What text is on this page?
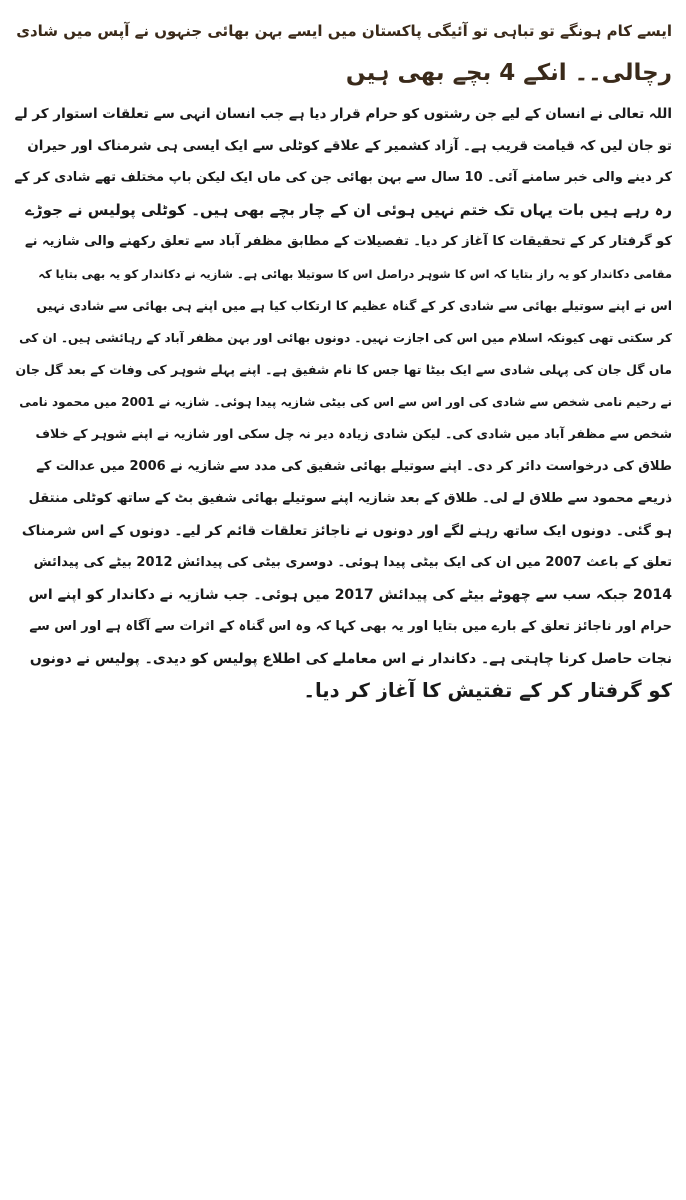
ایسے کام ہونگے تو تباہی تو آئیگی پاکستان میں ایسے بہن بھائی جنہوں نے آپس میں شادی
رچالی۔۔ انکے 4 بچے بھی ہیں
اللہ تعالی نے انسان کے لیے جن رشتوں کو حرام قرار دیا ہے جب انسان انہی سے تعلقات استوار کر لے
تو جان لیں کہ قیامت قریب ہے۔ آزاد کشمیر کے علاقے کوٹلی سے ایک ایسی ہی شرمناک اور حیران
کر دینے والی خبر سامنے آئی۔ 10 سال سے بہن بھائی جن کی ماں ایک لیکن باپ مختلف تھے شادی کر کے
رہ رہے ہیں بات یہاں تک ختم نہیں ہوئی ان کے چار بچے بھی ہیں۔ کوٹلی پولیس نے جوڑے
کو گرفتار کر کے تحقیقات کا آغاز کر دیا۔ تفصیلات کے مطابق مظفر آباد سے تعلق رکھنے والی شازیہ نے
مقامی دکاندار کو یہ راز بتایا کہ اس کا شوہر دراصل اس کا سوتیلا بھائی ہے۔ شازیہ نے دکاندار کو یہ بھی بتایا کہ
اس نے اپنے سوتیلے بھائی سے شادی کر کے گناہ عظیم کا ارتکاب کیا ہے میں اپنے ہی بھائی سے شادی نہیں
کر سکتی تھی کیونکہ اسلام میں اس کی اجازت نہیں۔ دونوں بھائی اور بہن مظفر آباد کے رہائشی ہیں۔ ان کی
ماں گل جان کی پہلی شادی سے ایک بیٹا تھا جس کا نام شفیق ہے۔ اپنے پہلے شوہر کی وفات کے بعد گل جان
نے رحیم نامی شخص سے شادی کی اور اس سے اس کی بیٹی شازیہ پیدا ہوئی۔ شازیہ نے 2001 میں محمود نامی
شخص سے مظفر آباد میں شادی کی۔ لیکن شادی زیادہ دیر نہ چل سکی اور شازیہ نے اپنے شوہر کے خلاف
طلاق کی درخواست دائر کر دی۔ اپنے سوتیلے بھائی شفیق کی مدد سے شازیہ نے 2006 میں عدالت کے
ذریعے محمود سے طلاق لے لی۔ طلاق کے بعد شازیہ اپنے سوتیلے بھائی شفیق بٹ کے ساتھ کوٹلی منتقل
ہو گئی۔ دونوں ایک ساتھ رہنے لگے اور دونوں نے ناجائز تعلقات قائم کر لیے۔ دونوں کے اس شرمناک
تعلق کے باعث 2007 میں ان کی ایک بیٹی پیدا ہوئی۔ دوسری بیٹی کی پیدائش 2012 بیٹے کی پیدائش
2014 جبکہ سب سے چھوٹے بیٹے کی پیدائش 2017 میں ہوئی۔ جب شازیہ نے دکاندار کو اپنے اس
حرام اور ناجائز تعلق کے بارے میں بتایا اور یہ بھی کہا کہ وہ اس گناہ کے اثرات سے آگاہ ہے اور اس سے
نجات حاصل کرنا چاہتی ہے۔ دکاندار نے اس معاملے کی اطلاع پولیس کو دیدی۔ پولیس نے دونوں
کو گرفتار کر کے تفتیش کا آغاز کر دیا۔
